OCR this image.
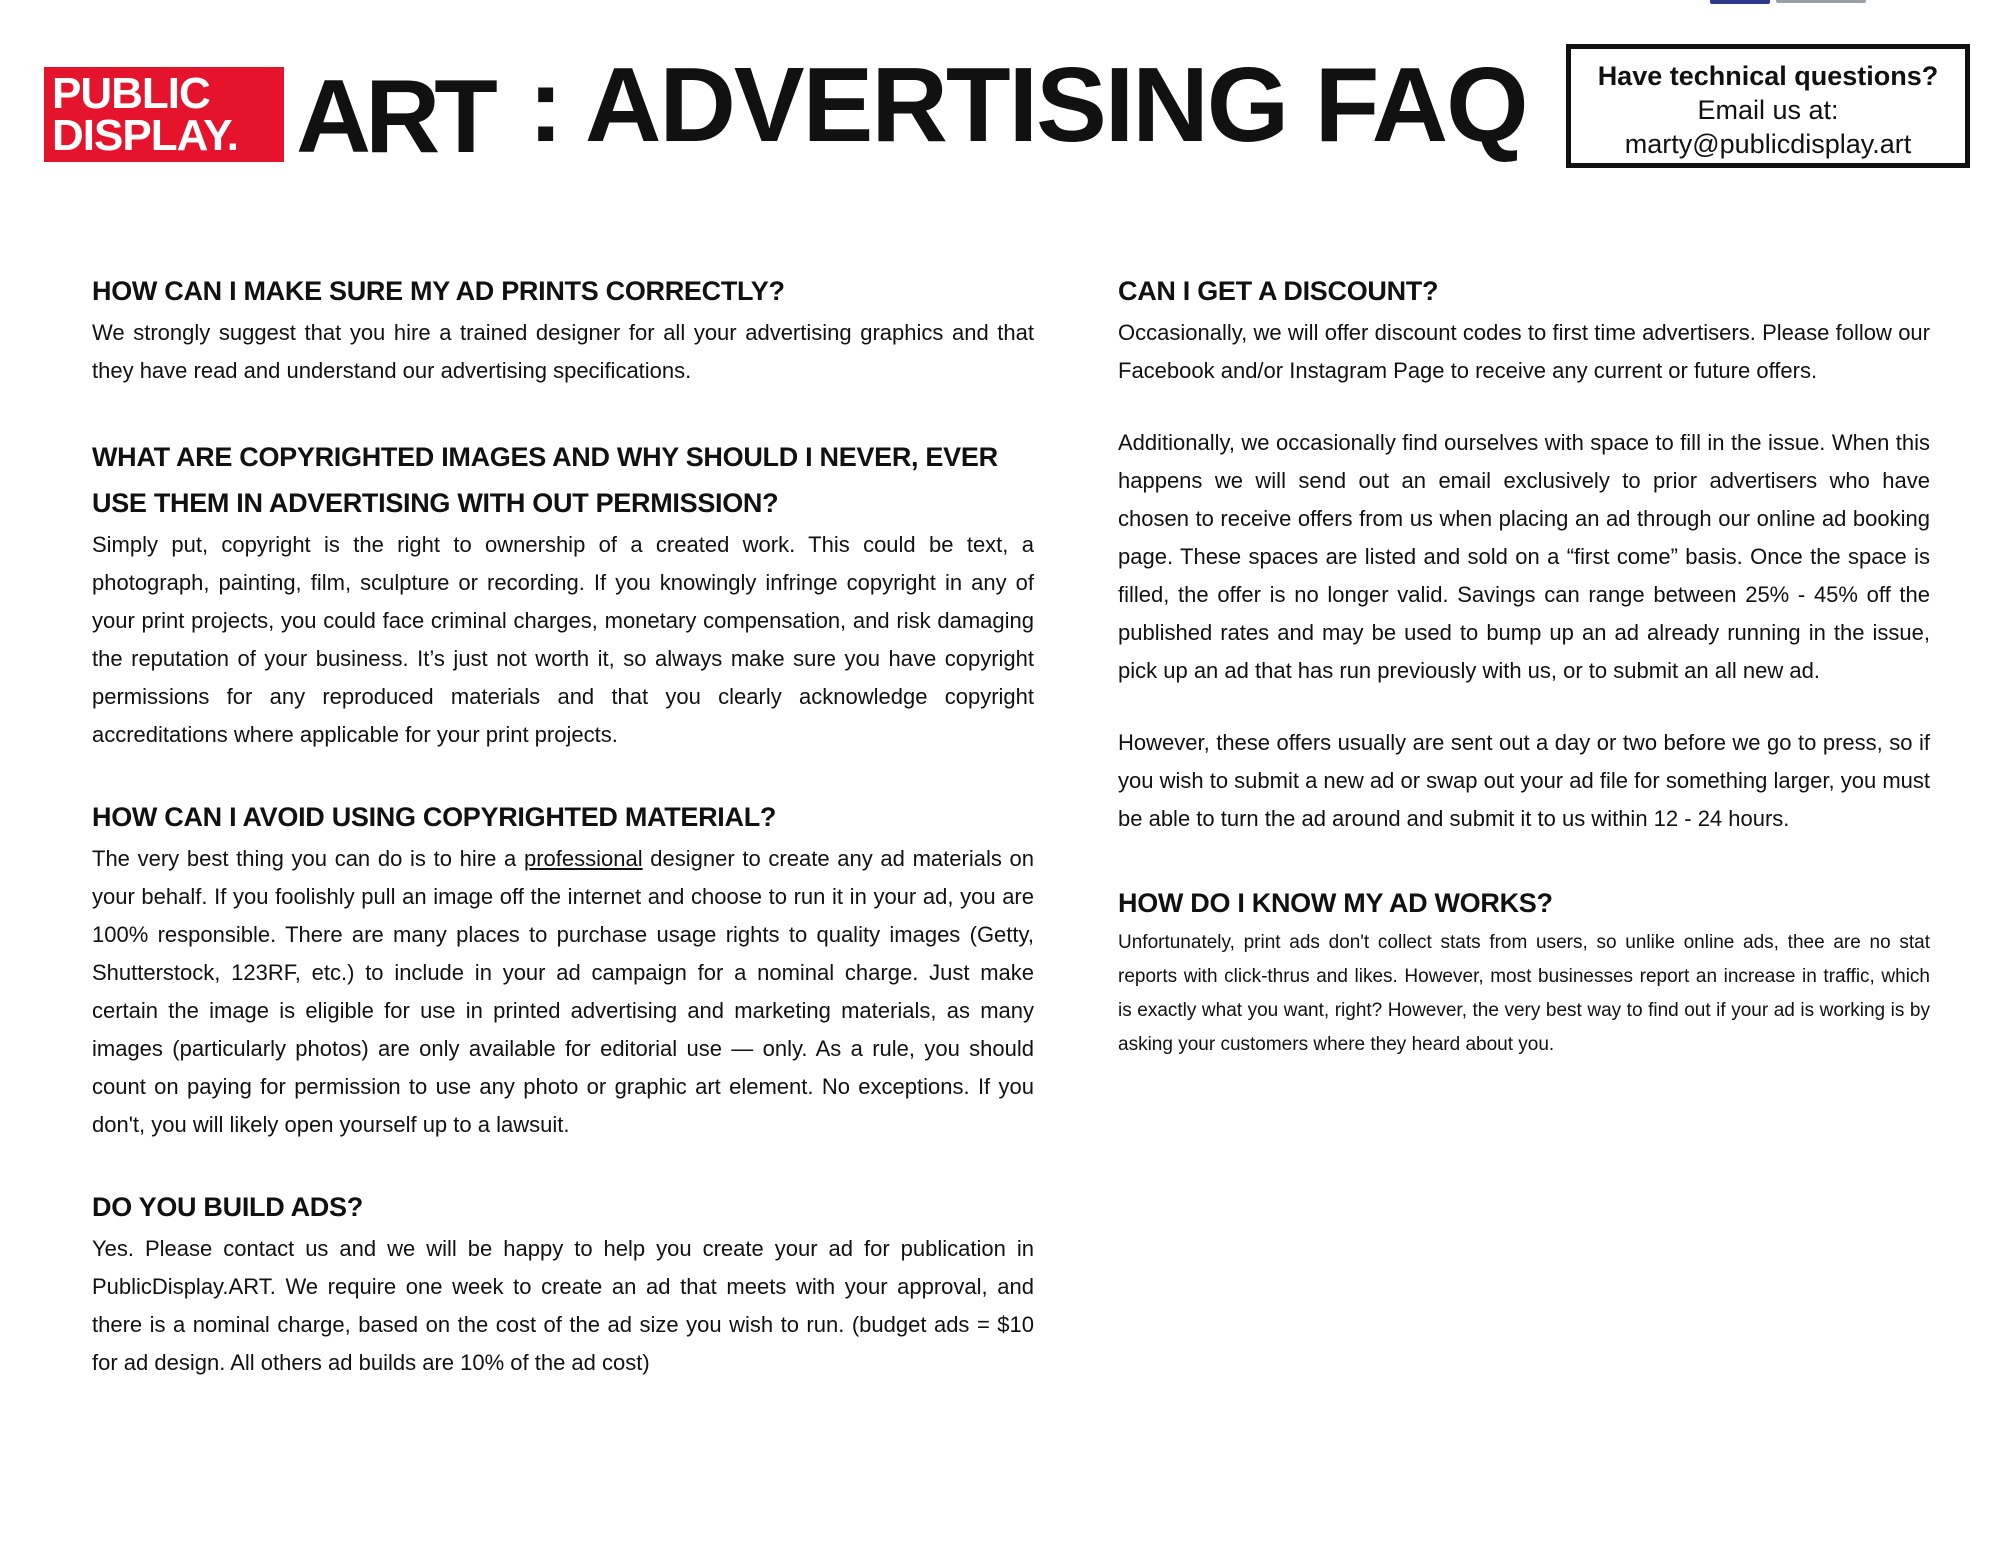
PUBLIC
DISPLAY. ART : ADVERTISING FAQ	Have technical questions?
Email us at:
marty@publicdisplay.art

HOW CAN I MAKE SURE MY AD PRINTS CORRECTLY?

We strongly suggest that you hire a trained designer for all your advertising graphics and that they have read and understand our advertising specifications.

WHAT ARE COPYRIGHTED IMAGES AND WHY SHOULD I NEVER, EVER USE THEM IN ADVERTISING WITH OUT PERMISSION?

Simply put, copyright is the right to ownership of a created work. This could be text, a photograph, painting, film, sculpture or recording. If you knowingly infringe copyright in any of your print projects, you could face criminal charges, monetary compensation, and risk damaging the reputation of your business. It’s just not worth it, so always make sure you have copyright permissions for any reproduced materials and that you clearly acknowledge copyright accreditations where applicable for your print projects.

HOW CAN I AVOID USING COPYRIGHTED MATERIAL?

The very best thing you can do is to hire a professional designer to create any ad materials on your behalf. If you foolishly pull an image off the internet and choose to run it in your ad, you are 100% responsible. There are many places to purchase usage rights to quality images (Getty, Shutterstock, 123RF, etc.) to include in your ad campaign for a nominal charge. Just make certain the image is eligible for use in printed advertising and marketing materials, as many images (particularly photos) are only available for editorial use — only. As a rule, you should count on paying for permission to use any photo or graphic art element. No exceptions. If you don't, you will likely open yourself up to a lawsuit.

DO YOU BUILD ADS?

Yes. Please contact us and we will be happy to help you create your ad for publication in PublicDisplay.ART. We require one week to create an ad that meets with your approval, and there is a nominal charge, based on the cost of the ad size you wish to run. (budget ads = $10 for ad design. All others ad builds are 10% of the ad cost)

CAN I GET A DISCOUNT?

Occasionally, we will offer discount codes to first time advertisers. Please follow our Facebook and/or Instagram Page to receive any current or future offers.

Additionally, we occasionally find ourselves with space to fill in the issue. When this happens we will send out an email exclusively to prior advertisers who have chosen to receive offers from us when placing an ad through our online ad booking page. These spaces are listed and sold on a “first come” basis. Once the space is filled, the offer is no longer valid. Savings can range between 25% - 45% off the published rates and may be used to bump up an ad already running in the issue, pick up an ad that has run previously with us, or to submit an all new ad.

However, these offers usually are sent out a day or two before we go to press, so if you wish to submit a new ad or swap out your ad file for something larger, you must be able to turn the ad around and submit it to us within 12 - 24 hours.

HOW DO I KNOW MY AD WORKS?

Unfortunately, print ads don't collect stats from users, so unlike online ads, thee are no stat reports with click-thrus and likes. However, most businesses report an increase in traffic, which is exactly what you want, right? However, the very best way to find out if your ad is working is by asking your customers where they heard about you.
